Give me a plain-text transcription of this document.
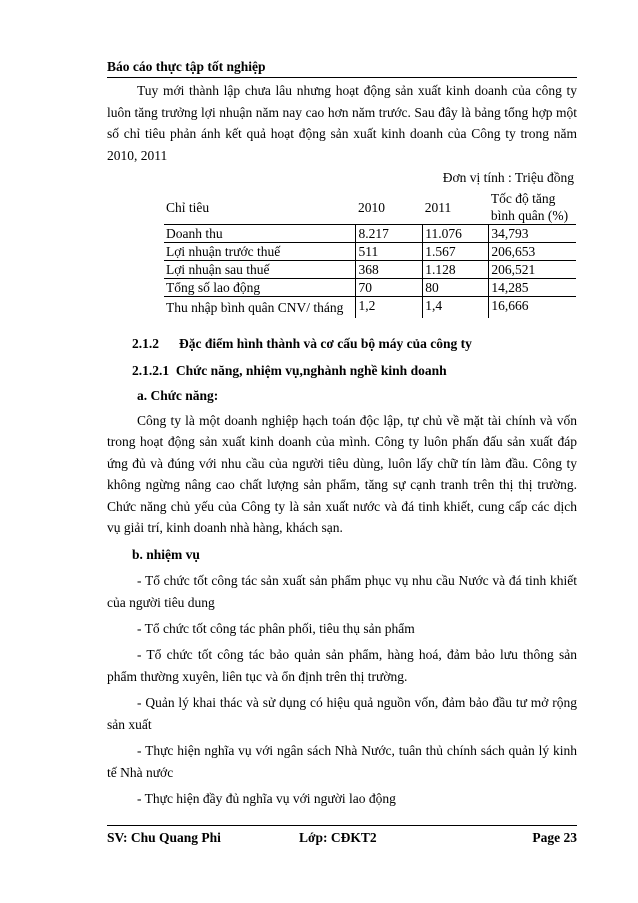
Báo cáo thực tập tốt nghiệp

Tuy mới thành lập chưa lâu nhưng hoạt động sản xuất kinh doanh của công ty luôn tăng trưởng lợi nhuận năm nay cao hơn năm trước. Sau đây là bảng tổng hợp một số chỉ tiêu phản ánh kết quả hoạt động sản xuất kinh doanh của Công ty trong năm 2010, 2011

Đơn vị tính : Triệu đồng
Chỉ tiêu	2010	2011	Tốc độ tăng bình quân (%)
Doanh thu	8.217	11.076	34,793
Lợi nhuận trước thuế	511	1.567	206,653
Lợi nhuận sau thuế	368	1.128	206,521
Tổng số lao động	70	80	14,285
Thu nhập bình quân CNV/ tháng	1,2	1,4	16,666
2.1.2 Đặc điểm hình thành và cơ cấu bộ máy của công ty
2.1.2.1 Chức năng, nhiệm vụ,nghành nghề kinh doanh
a. Chức năng:

Công ty là một doanh nghiệp hạch toán độc lập, tự chủ về mặt tài chính và vốn trong hoạt động sản xuất kinh doanh của mình. Công ty luôn phấn đấu sản xuất đáp ứng đủ và đúng với nhu cầu của người tiêu dùng, luôn lấy chữ tín làm đầu. Công ty không ngừng nâng cao chất lượng sản phẩm, tăng sự cạnh tranh trên thị thị trường. Chức năng chủ yếu của Công ty là sản xuất nước và đá tinh khiết, cung cấp các dịch vụ giải trí, kinh doanh nhà hàng, khách sạn.

b. nhiệm vụ

- Tổ chức tốt công tác sản xuất sản phẩm phục vụ nhu cầu Nước và đá tinh khiết của người tiêu dung

- Tổ chức tốt công tác phân phối, tiêu thụ sản phẩm

- Tổ chức tốt công tác bảo quản sản phẩm, hàng hoá, đảm bảo lưu thông sản phẩm thường xuyên, liên tục và ổn định trên thị trường.

- Quản lý khai thác và sử dụng có hiệu quả nguồn vốn, đảm bảo đầu tư mở rộng sản xuất

- Thực hiện nghĩa vụ với ngân sách Nhà Nước, tuân thủ chính sách quản lý kinh tế Nhà nước

- Thực hiện đầy đủ nghĩa vụ với người lao động

SV: Chu Quang Phi	Lớp: CĐKT2	Page 23
